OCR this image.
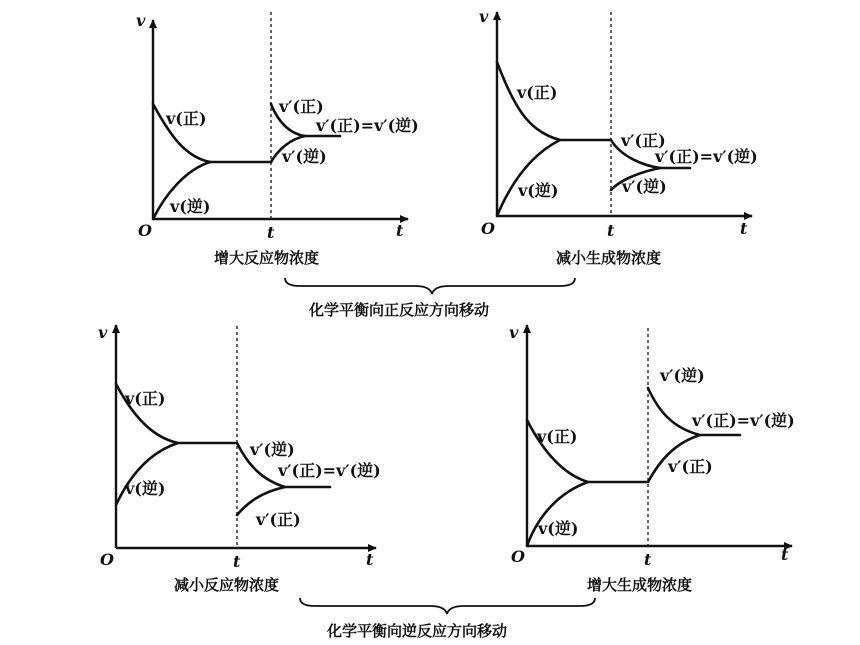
v
O	t	t
v(正)
v(逆)
v′(正)
v′(正)=v′(逆)
v′(逆)
增大反应物浓度
v
O	t	t
v(正)
v(逆)
v′(正)
v′(正)=v′(逆)
v′(逆)
减小生成物浓度
化学平衡向正反应方向移动
v
O	t	t
v(正)
v(逆)
v′(逆)
v′(正)=v′(逆)
v′(正)
减小反应物浓度
v
O	t	t
v(正)
v(逆)
v′(逆)
v′(正)=v′(逆)
v′(正)
增大生成物浓度
化学平衡向逆反应方向移动
